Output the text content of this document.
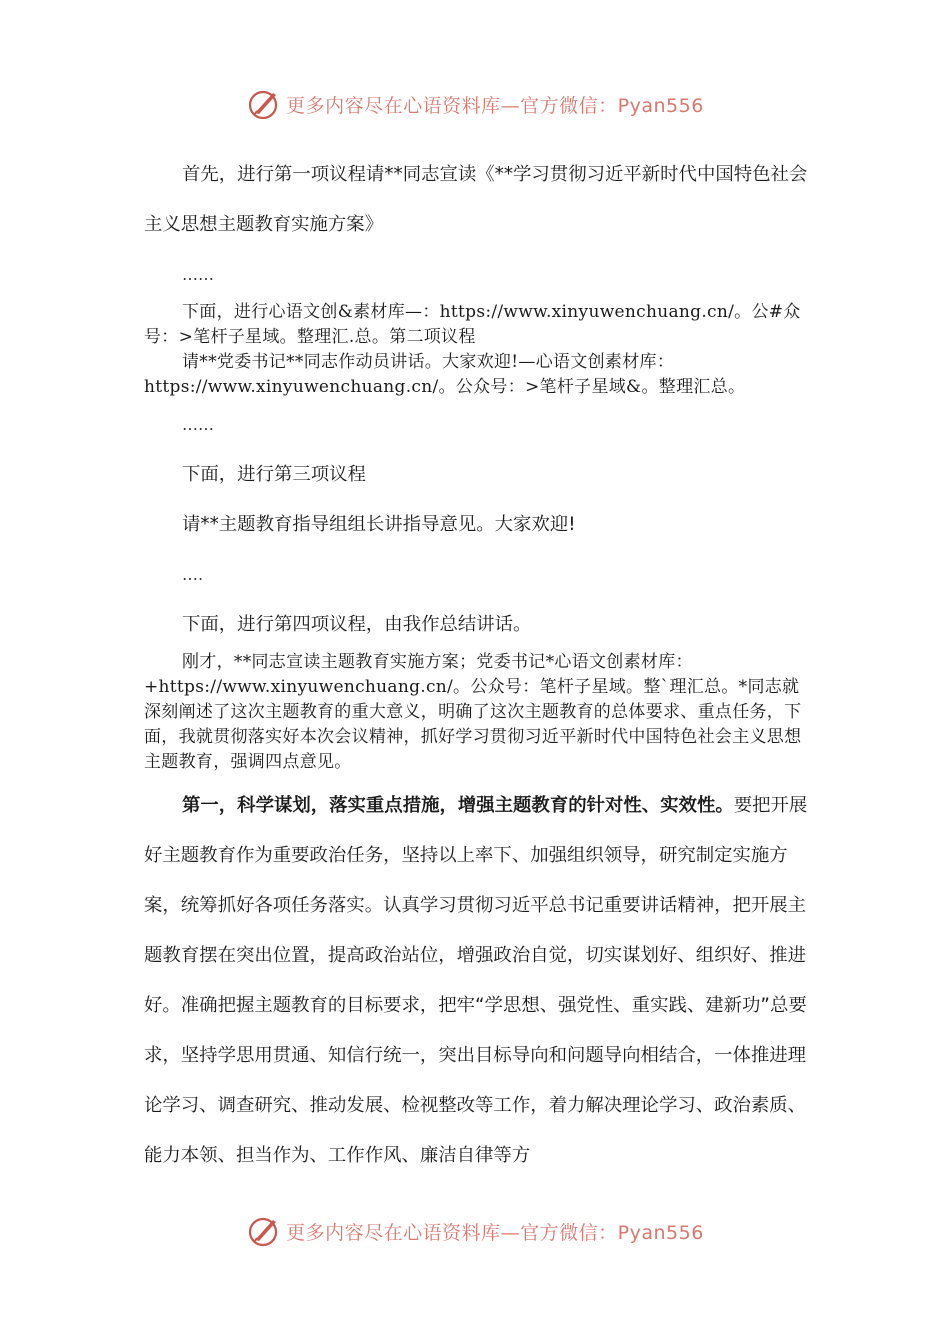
更多内容尽在心语资料库—官方微信：Pyan556

首先，进行第一项议程请**同志宣读《**学习贯彻习近平新时代中国特色社会主义思想主题教育实施方案》

……

下面，进行心语文创&素材库—：https://www.xinyuwenchuang.cn/。公#众号：>笔杆子星域。整理汇.总。第二项议程

请**党委书记**同志作动员讲话。大家欢迎!—心语文创素材库：https://www.xinyuwenchuang.cn/。公众号：>笔杆子星域&。整理汇总。

……

下面，进行第三项议程

请**主题教育指导组组长讲指导意见。大家欢迎!

….

下面，进行第四项议程，由我作总结讲话。

刚才，**同志宣读主题教育实施方案；党委书记*心语文创素材库：+https://www.xinyuwenchuang.cn/。公众号：笔杆子星域。整`理汇总。*同志就深刻阐述了这次主题教育的重大意义，明确了这次主题教育的总体要求、重点任务，下面，我就贯彻落实好本次会议精神，抓好学习贯彻习近平新时代中国特色社会主义思想主题教育，强调四点意见。

第一，科学谋划，落实重点措施，增强主题教育的针对性、实效性。要把开展好主题教育作为重要政治任务，坚持以上率下、加强组织领导，研究制定实施方案，统筹抓好各项任务落实。认真学习贯彻习近平总书记重要讲话精神，把开展主题教育摆在突出位置，提高政治站位，增强政治自觉，切实谋划好、组织好、推进好。准确把握主题教育的目标要求，把牢“学思想、强党性、重实践、建新功”总要求，坚持学思用贯通、知信行统一，突出目标导向和问题导向相结合，一体推进理论学习、调查研究、推动发展、检视整改等工作，着力解决理论学习、政治素质、能力本领、担当作为、工作作风、廉洁自律等方

更多内容尽在心语资料库—官方微信：Pyan556
